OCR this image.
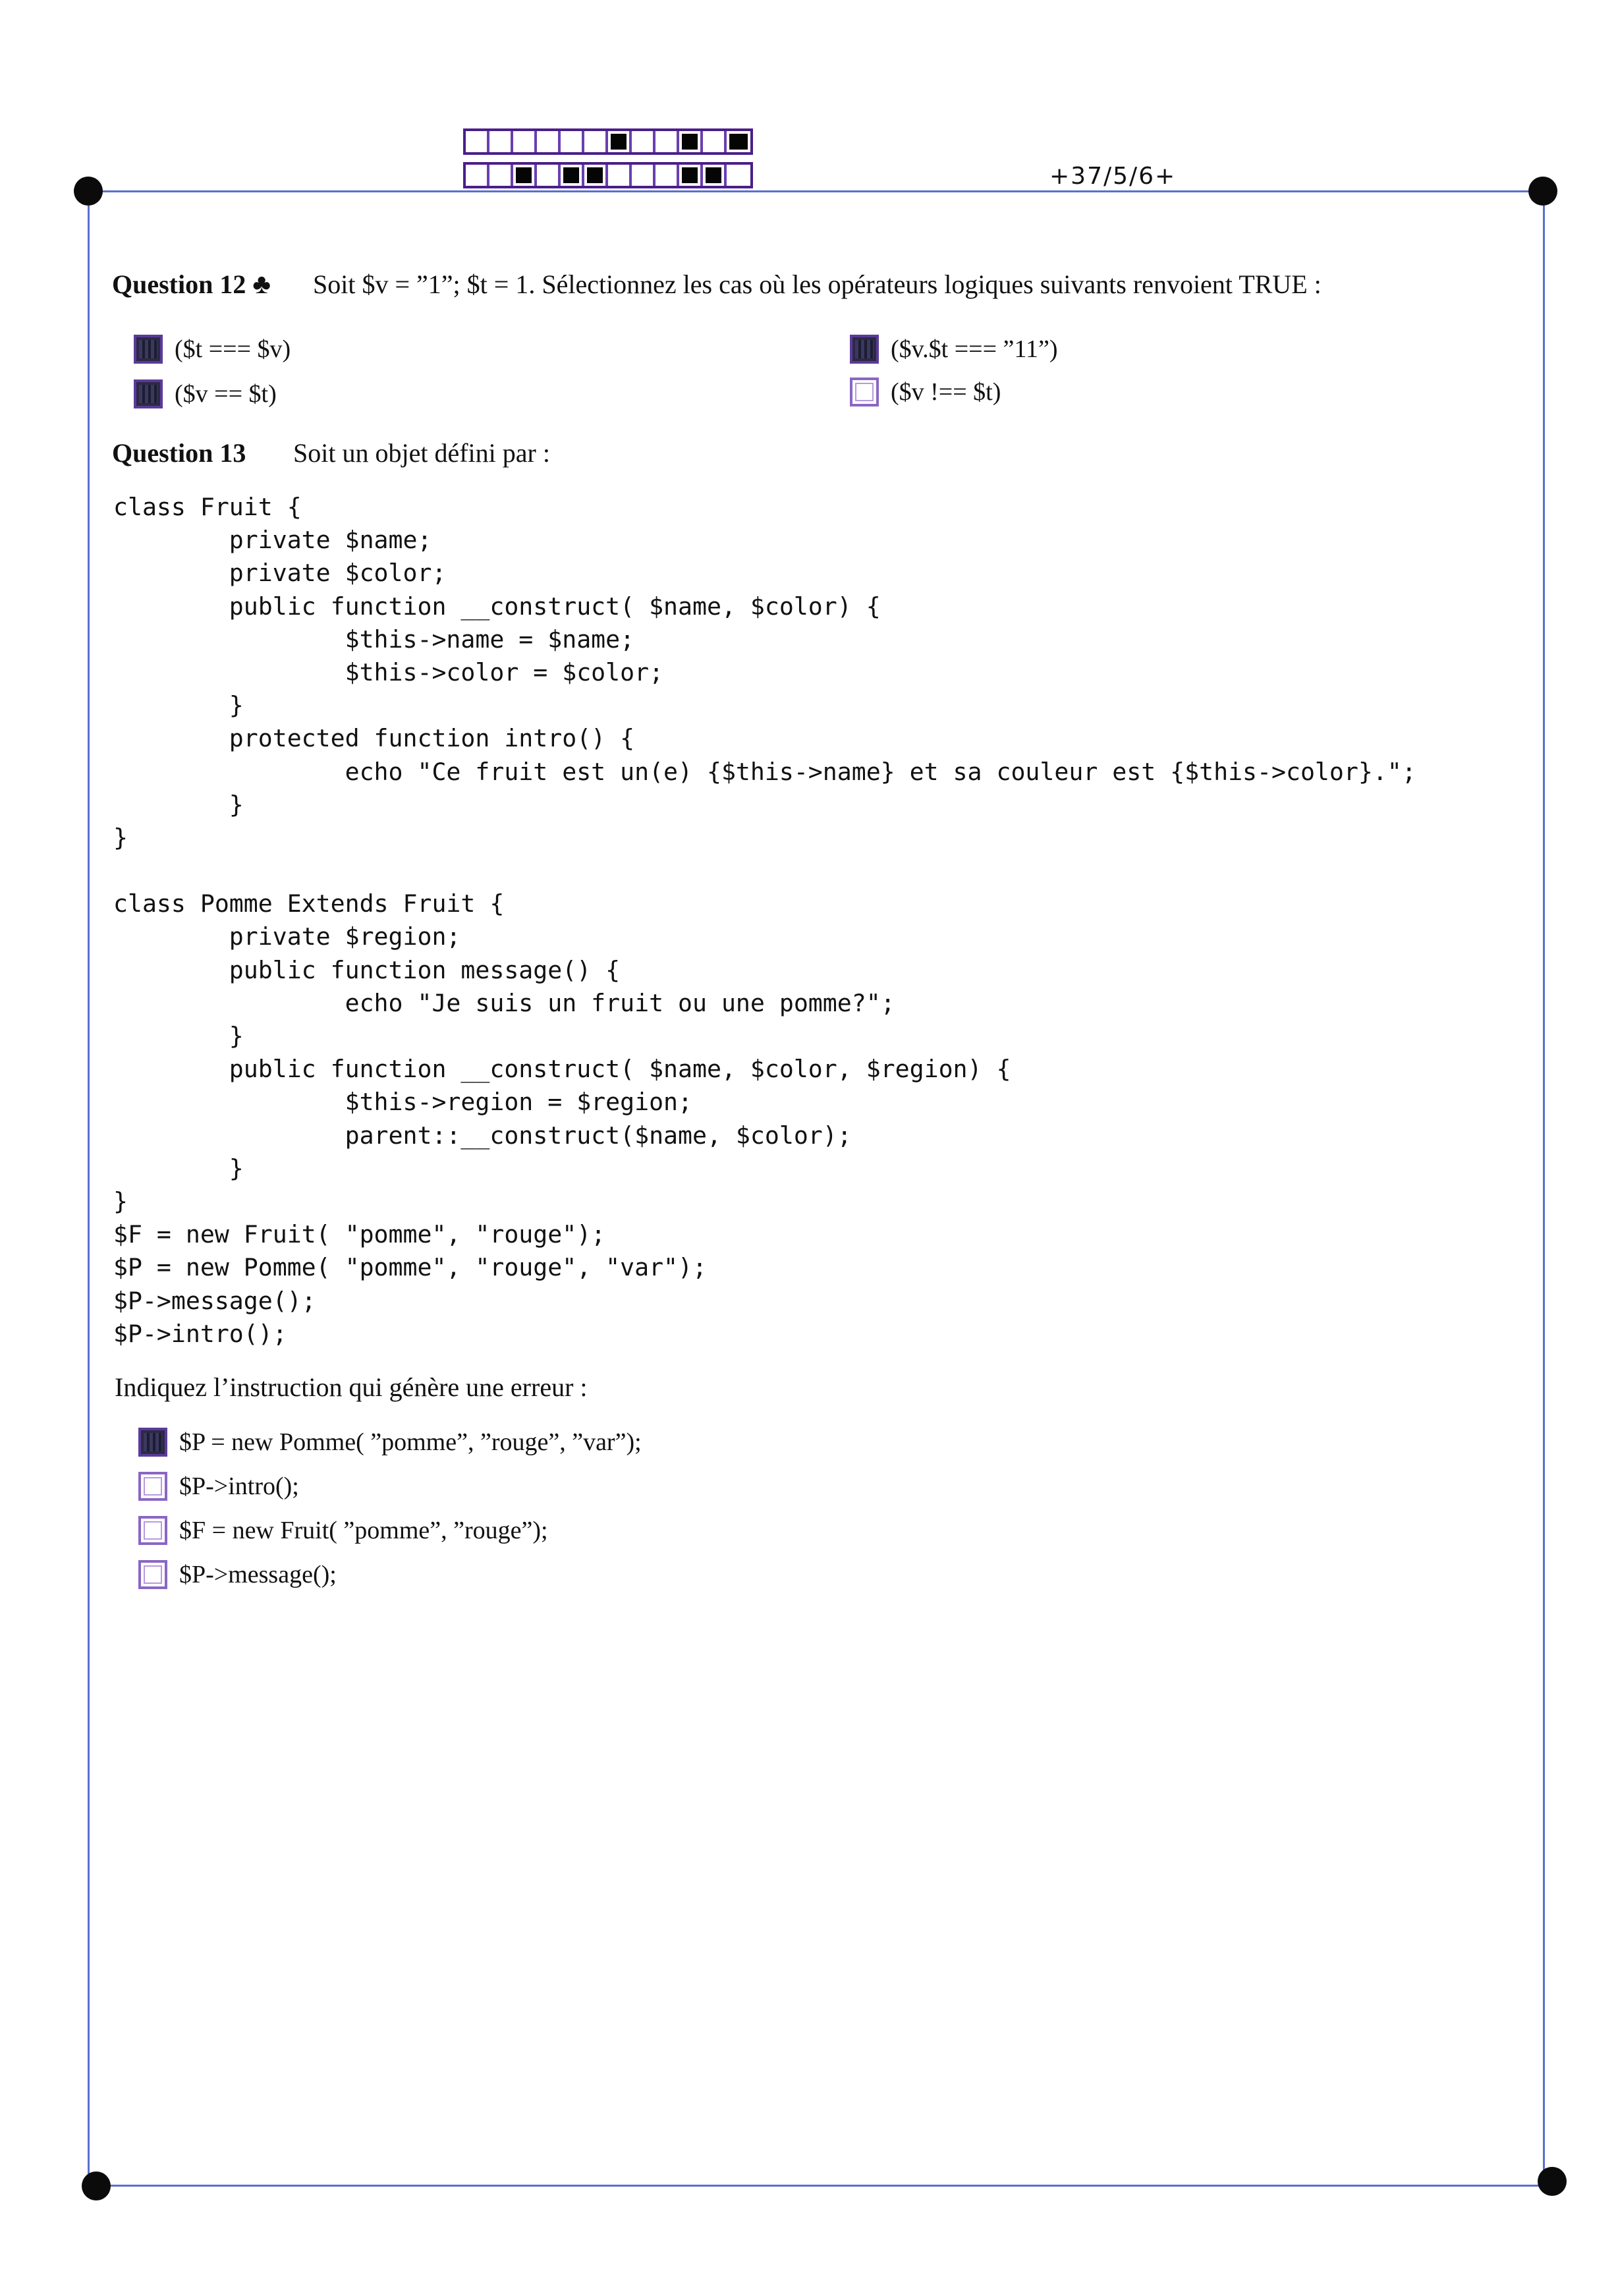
+37/5/6+
Question 12 ♣ Soit $v = ”1”; $t = 1. Sélectionnez les cas où les opérateurs logiques suivants renvoient TRUE :
($t === $v)
($v == $t)
($v.$t === ”11”)
($v !== $t)
Question 13 Soit un objet défini par :
class Fruit {
private $name;
private $color;
public function __construct( $name, $color) {
$this->name = $name;
$this->color = $color;
}
protected function intro() {
echo "Ce fruit est un(e) {$this->name} et sa couleur est {$this->color}.";
}
}
class Pomme Extends Fruit {
private $region;
public function message() {
echo "Je suis un fruit ou une pomme?";
}
public function __construct( $name, $color, $region) {
$this->region = $region;
parent::__construct($name, $color);
}
}
$F = new Fruit( "pomme", "rouge");
$P = new Pomme( "pomme", "rouge", "var");
$P->message();
$P->intro();
Indiquez l’instruction qui génère une erreur :
$P = new Pomme( ”pomme”, ”rouge”, ”var”);
$P->intro();
$F = new Fruit( ”pomme”, ”rouge”);
$P->message();
